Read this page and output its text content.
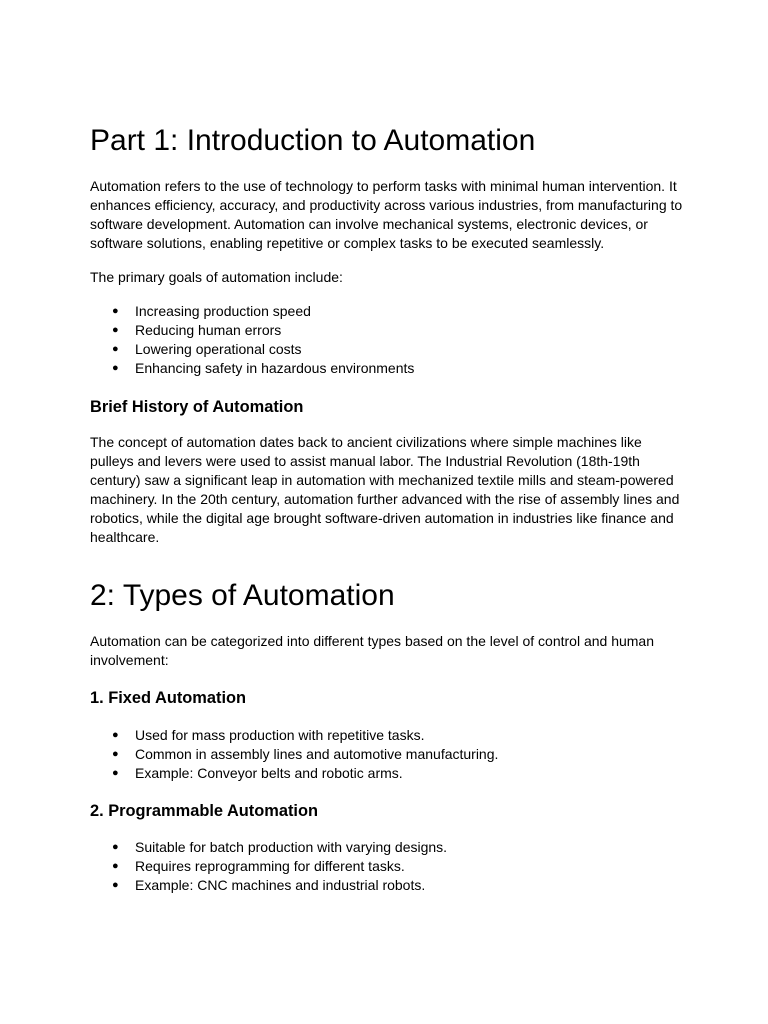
Part 1: Introduction to Automation

Automation refers to the use of technology to perform tasks with minimal human intervention. It
enhances efficiency, accuracy, and productivity across various industries, from manufacturing to
software development. Automation can involve mechanical systems, electronic devices, or
software solutions, enabling repetitive or complex tasks to be executed seamlessly.

The primary goals of automation include:

● Increasing production speed
● Reducing human errors
● Lowering operational costs
● Enhancing safety in hazardous environments
Brief History of Automation

The concept of automation dates back to ancient civilizations where simple machines like
pulleys and levers were used to assist manual labor. The Industrial Revolution (18th-19th
century) saw a significant leap in automation with mechanized textile mills and steam-powered
machinery. In the 20th century, automation further advanced with the rise of assembly lines and
robotics, while the digital age brought software-driven automation in industries like finance and
healthcare.

2: Types of Automation

Automation can be categorized into different types based on the level of control and human
involvement:

1. Fixed Automation
● Used for mass production with repetitive tasks.
● Common in assembly lines and automotive manufacturing.
● Example: Conveyor belts and robotic arms.
2. Programmable Automation
● Suitable for batch production with varying designs.
● Requires reprogramming for different tasks.
● Example: CNC machines and industrial robots.
